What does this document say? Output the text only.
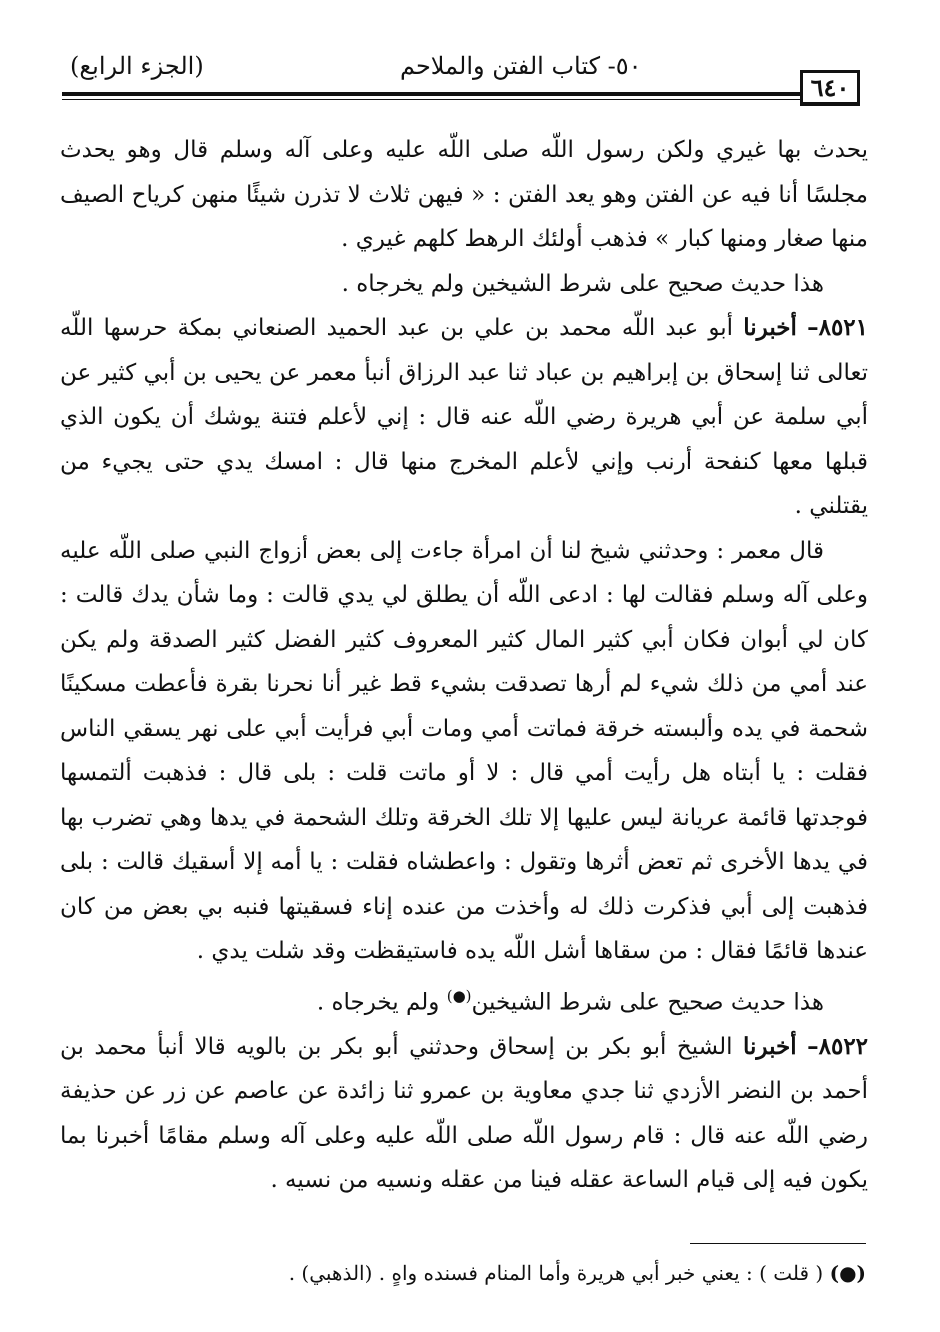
٥٠- كتاب الفتن والملاحم
(الجزء الرابع)
٦٤٠

يحدث بها غيري ولكن رسول اللّه صلى اللّه عليه وعلى آله وسلم قال وهو يحدث مجلسًا أنا فيه عن الفتن وهو يعد الفتن : « فيهن ثلاث لا تذرن شيئًا منهن كرياح الصيف منها صغار ومنها كبار » فذهب أولئك الرهط كلهم غيري .

هذا حديث صحيح على شرط الشيخين ولم يخرجاه .

٨٥٢١– أخبرنا أبو عبد اللّه محمد بن علي بن عبد الحميد الصنعاني بمكة حرسها اللّه تعالى ثنا إسحاق بن إبراهيم بن عباد ثنا عبد الرزاق أنبأ معمر عن يحيى بن أبي كثير عن أبي سلمة عن أبي هريرة رضي اللّه عنه قال : إني لأعلم فتنة يوشك أن يكون الذي قبلها معها كنفحة أرنب وإني لأعلم المخرج منها قال : امسك يدي حتى يجيء من يقتلني .

قال معمر : وحدثني شيخ لنا أن امرأة جاءت إلى بعض أزواج النبي صلى اللّه عليه وعلى آله وسلم فقالت لها : ادعى اللّه أن يطلق لي يدي قالت : وما شأن يدك قالت : كان لي أبوان فكان أبي كثير المال كثير المعروف كثير الفضل كثير الصدقة ولم يكن عند أمي من ذلك شيء لم أرها تصدقت بشيء قط غير أنا نحرنا بقرة فأعطت مسكينًا شحمة في يده وألبسته خرقة فماتت أمي ومات أبي فرأيت أبي على نهر يسقي الناس فقلت : يا أبتاه هل رأيت أمي قال : لا أو ماتت قلت : بلى قال : فذهبت ألتمسها فوجدتها قائمة عريانة ليس عليها إلا تلك الخرقة وتلك الشحمة في يدها وهي تضرب بها في يدها الأخرى ثم تعض أثرها وتقول : واعطشاه فقلت : يا أمه إلا أسقيك قالت : بلى فذهبت إلى أبي فذكرت ذلك له وأخذت من عنده إناء فسقيتها فنبه بي بعض من كان عندها قائمًا فقال : من سقاها أشل اللّه يده فاستيقظت وقد شلت يدي .

هذا حديث صحيح على شرط الشيخين(●) ولم يخرجاه .

٨٥٢٢– أخبرنا الشيخ أبو بكر بن إسحاق وحدثني أبو بكر بن بالويه قالا أنبأ محمد بن أحمد بن النضر الأزدي ثنا جدي معاوية بن عمرو ثنا زائدة عن عاصم عن زر عن حذيفة رضي اللّه عنه قال : قام رسول اللّه صلى اللّه عليه وعلى آله وسلم مقامًا أخبرنا بما يكون فيه إلى قيام الساعة عقله فينا من عقله ونسيه من نسيه .

(●) ( قلت ) : يعني خبر أبي هريرة وأما المنام فسنده واهٍ . (الذهبي) .
